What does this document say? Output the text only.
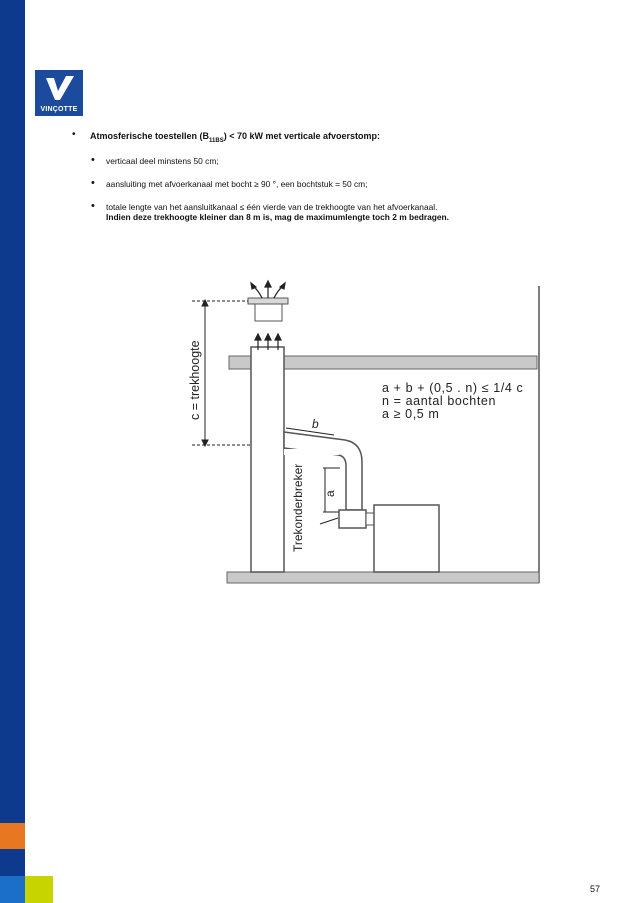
VINÇOTTE
• Atmosferische toestellen $(B_{11BS}) < 70$ kW met verticale afvoerstomp:
• verticaal deel minstens 50 cm;
• aansluiting met afvoerkanaal met bocht ≥ 90 °, een bochtstuk = 50 cm;
• totale lengte van het aansluitkanaal ≤ één vierde van de trekhoogte van het afvoerkanaal.
Indien deze trekhoogte kleiner dan 8 m is, mag de maximumlengte toch 2 m bedragen.
c = trekhoogte
b
a
Trekonderbreker
a + b + (0,5 . n) ≤ 1/4 c
n = aantal bochten
a ≥ 0,5 m
57
